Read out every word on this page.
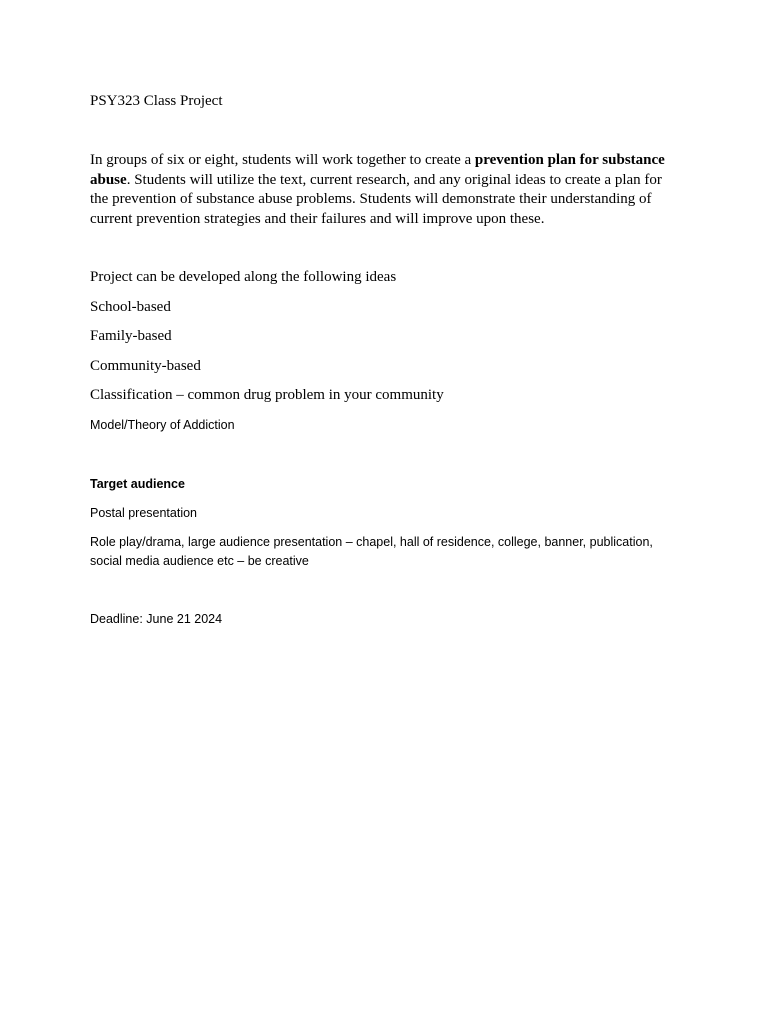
PSY323 Class Project

In groups of six or eight, students will work together to create a prevention plan for substance abuse. Students will utilize the text, current research, and any original ideas to create a plan for the prevention of substance abuse problems. Students will demonstrate their understanding of current prevention strategies and their failures and will improve upon these.

Project can be developed along the following ideas

School-based

Family-based

Community-based

Classification – common drug problem in your community

Model/Theory of Addiction

Target audience

Postal presentation

Role play/drama, large audience presentation – chapel, hall of residence, college, banner, publication, social media audience etc – be creative

Deadline: June 21 2024
